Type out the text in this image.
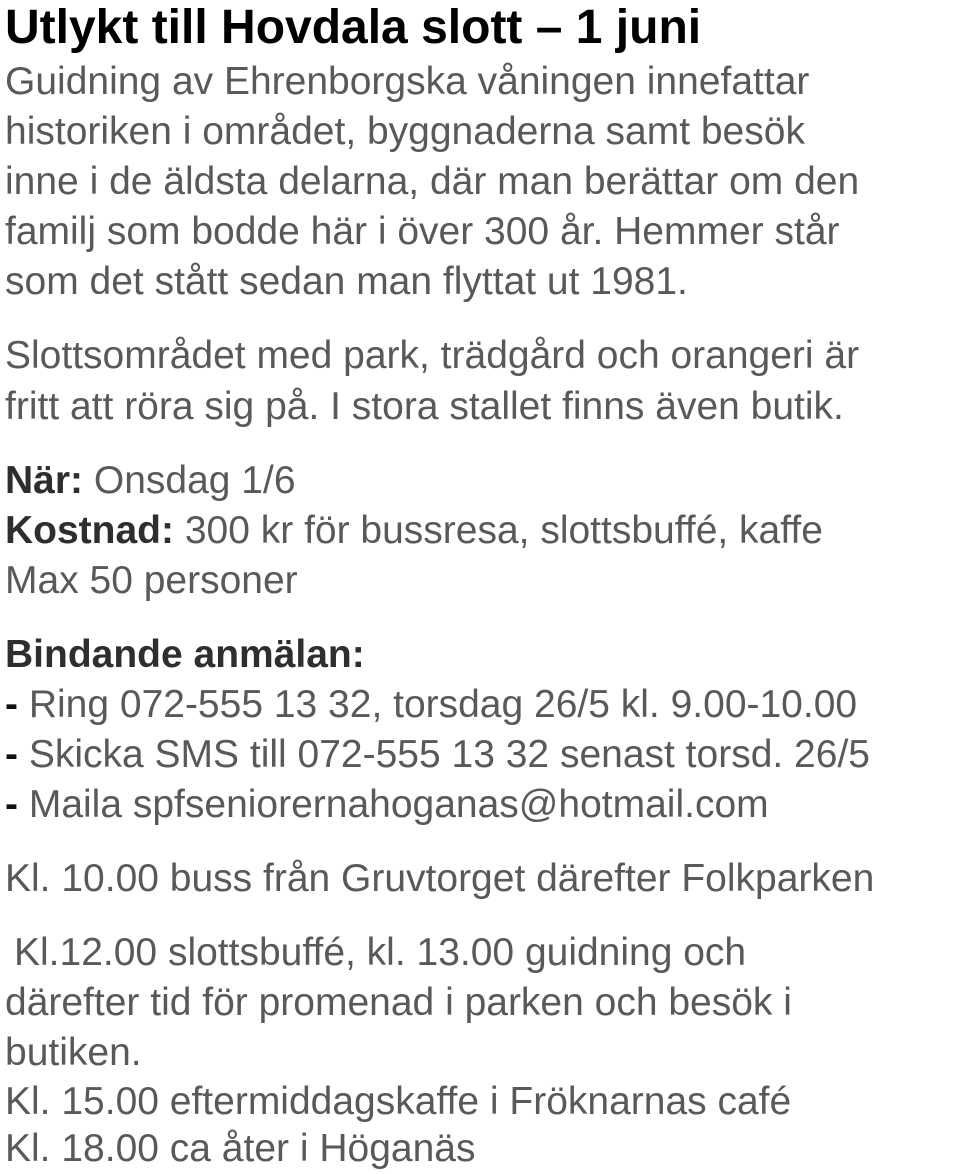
Utlykt till Hovdala slott – 1 juni
Guidning av Ehrenborgska våningen innefattar
historiken i området, byggnaderna samt besök
inne i de äldsta delarna, där man berättar om den
familj som bodde här i över 300 år. Hemmer står
som det stått sedan man flyttat ut 1981.
Slottsområdet med park, trädgård och orangeri är
fritt att röra sig på. I stora stallet finns även butik.
När: Onsdag 1/6
Kostnad: 300 kr för bussresa, slottsbuffé, kaffe
Max 50 personer
Bindande anmälan:
- Ring 072-555 13 32, torsdag 26/5 kl. 9.00-10.00
- Skicka SMS till 072-555 13 32 senast torsd. 26/5
- Maila spfseniorernahoganas@hotmail.com
Kl. 10.00 buss från Gruvtorget därefter Folkparken
Kl.12.00 slottsbuffé, kl. 13.00 guidning och
därefter tid för promenad i parken och besök i
butiken.
Kl. 15.00 eftermiddagskaffe i Fröknarnas café
Kl. 18.00 ca åter i Höganäs
